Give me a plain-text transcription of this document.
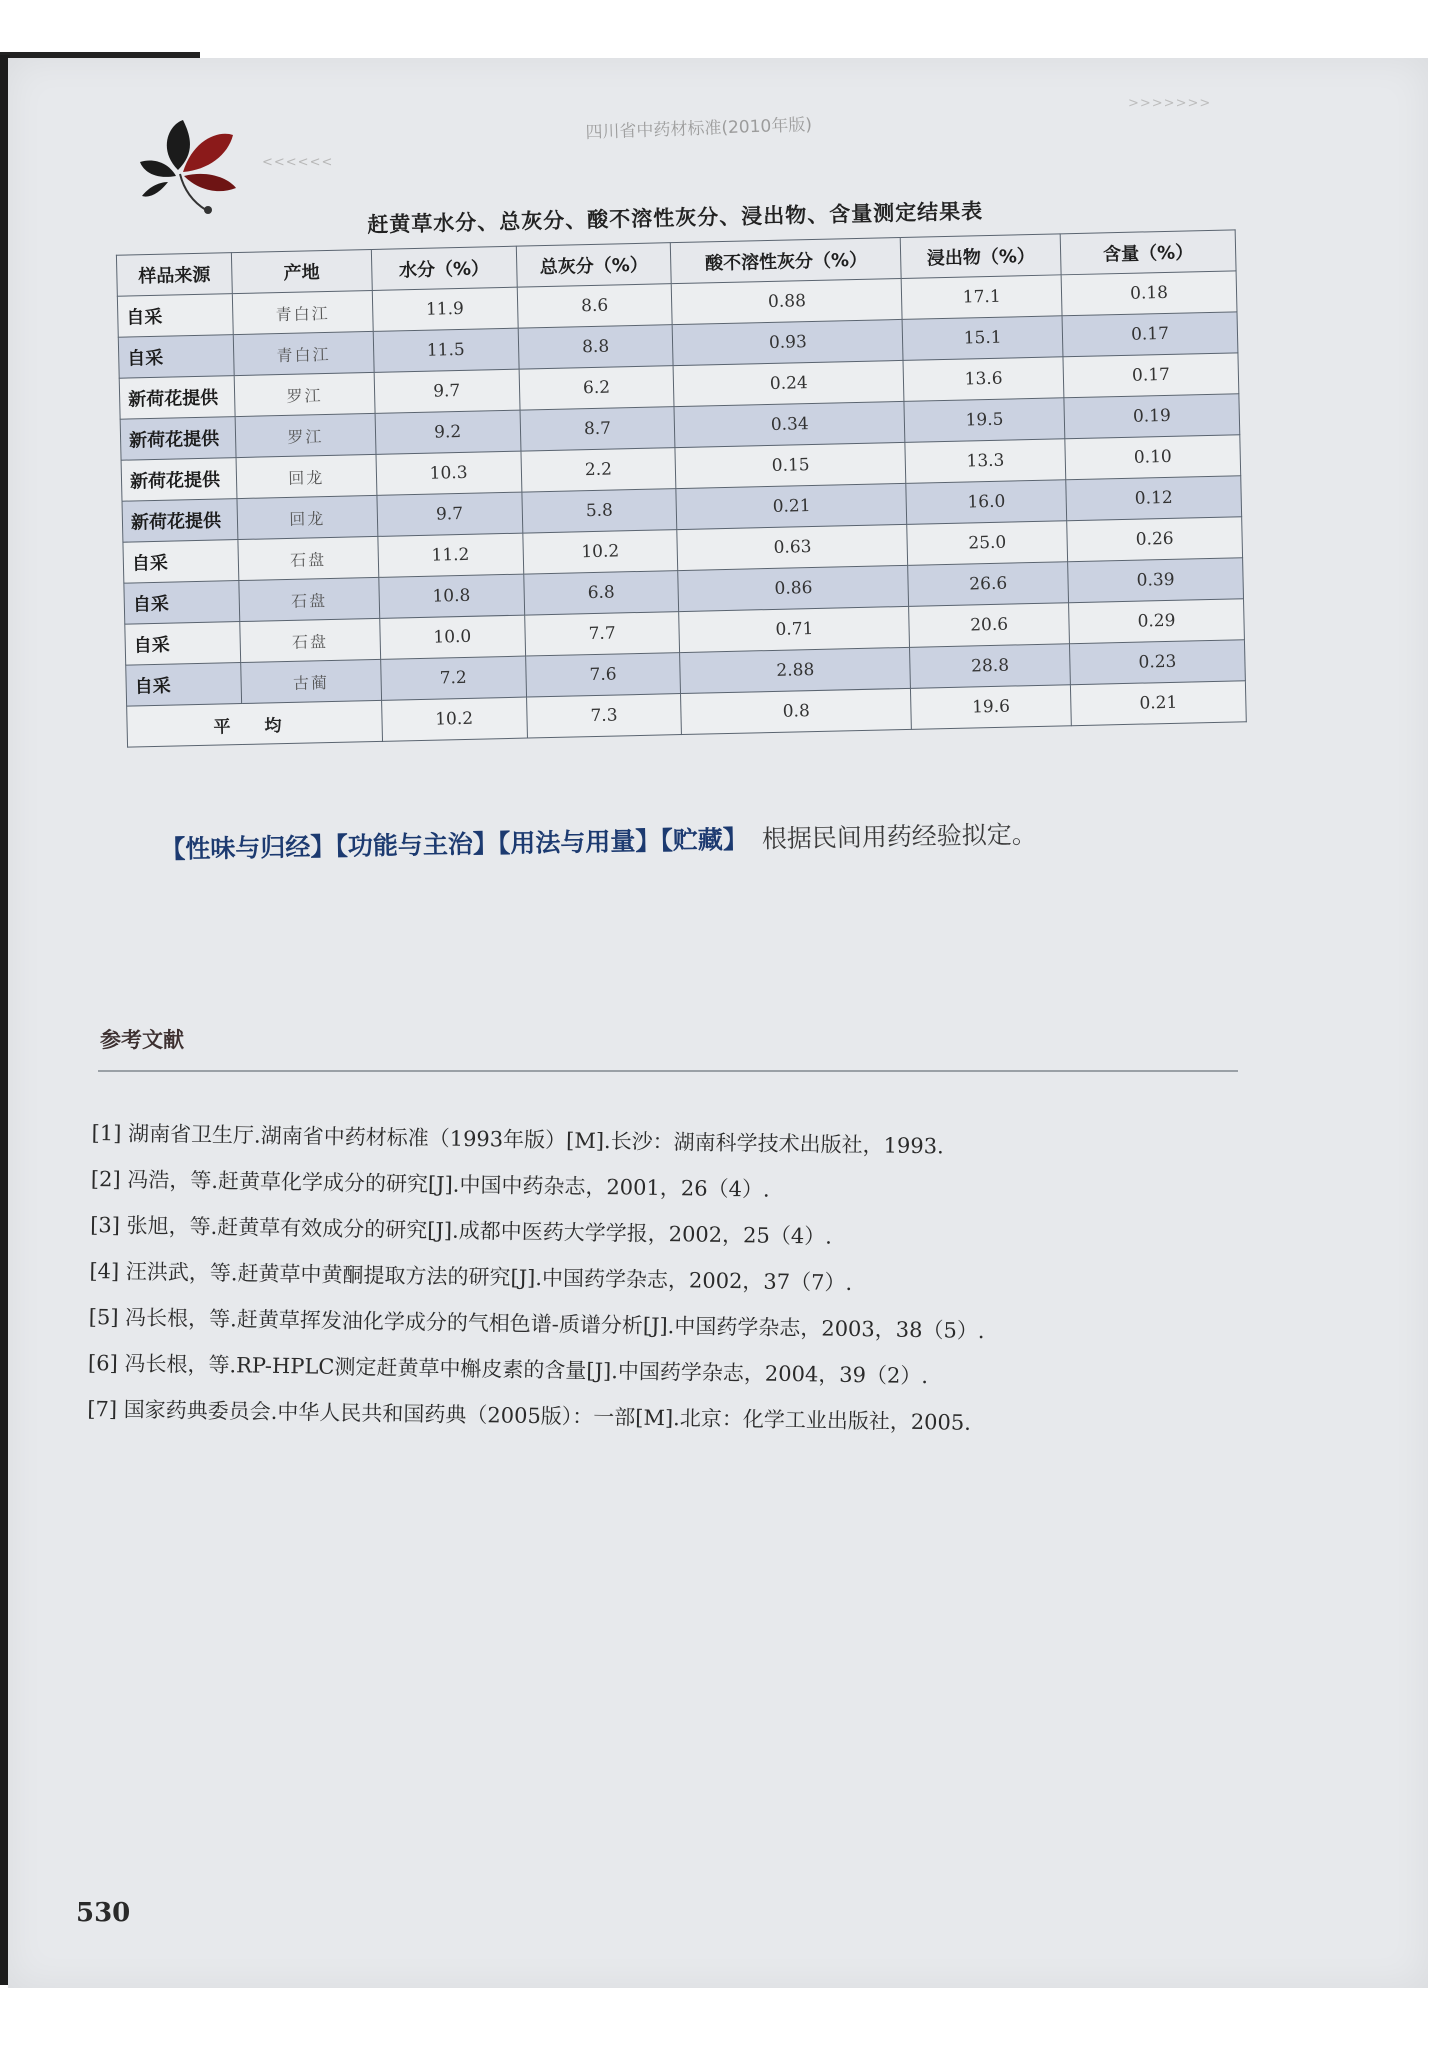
<<<<<<
>>>>>>>
四川省中药材标准(2010年版)
赶黄草水分、总灰分、酸不溶性灰分、浸出物、含量测定结果表
样品来源	产地	水分（%）	总灰分（%）	酸不溶性灰分（%）	浸出物（%）	含量（%）
自采	青白江	11.9	8.6	0.88	17.1	0.18
自采	青白江	11.5	8.8	0.93	15.1	0.17
新荷花提供	罗江	9.7	6.2	0.24	13.6	0.17
新荷花提供	罗江	9.2	8.7	0.34	19.5	0.19
新荷花提供	回龙	10.3	2.2	0.15	13.3	0.10
新荷花提供	回龙	9.7	5.8	0.21	16.0	0.12
自采	石盘	11.2	10.2	0.63	25.0	0.26
自采	石盘	10.8	6.8	0.86	26.6	0.39
自采	石盘	10.0	7.7	0.71	20.6	0.29
自采	古蔺	7.2	7.6	2.88	28.8	0.23
平 均		10.2	7.3	0.8	19.6	0.21
【性味与归经】【功能与主治】【用法与用量】【贮藏】 根据民间用药经验拟定。
参考文献
[1] 湖南省卫生厅.湖南省中药材标准（1993年版）[M].长沙：湖南科学技术出版社，1993.
[2] 冯浩，等.赶黄草化学成分的研究[J].中国中药杂志，2001，26（4）.
[3] 张旭，等.赶黄草有效成分的研究[J].成都中医药大学学报，2002，25（4）.
[4] 汪洪武，等.赶黄草中黄酮提取方法的研究[J].中国药学杂志，2002，37（7）.
[5] 冯长根，等.赶黄草挥发油化学成分的气相色谱-质谱分析[J].中国药学杂志，2003，38（5）.
[6] 冯长根，等.RP-HPLC测定赶黄草中槲皮素的含量[J].中国药学杂志，2004，39（2）.
[7] 国家药典委员会.中华人民共和国药典（2005版）：一部[M].北京：化学工业出版社，2005.
530
